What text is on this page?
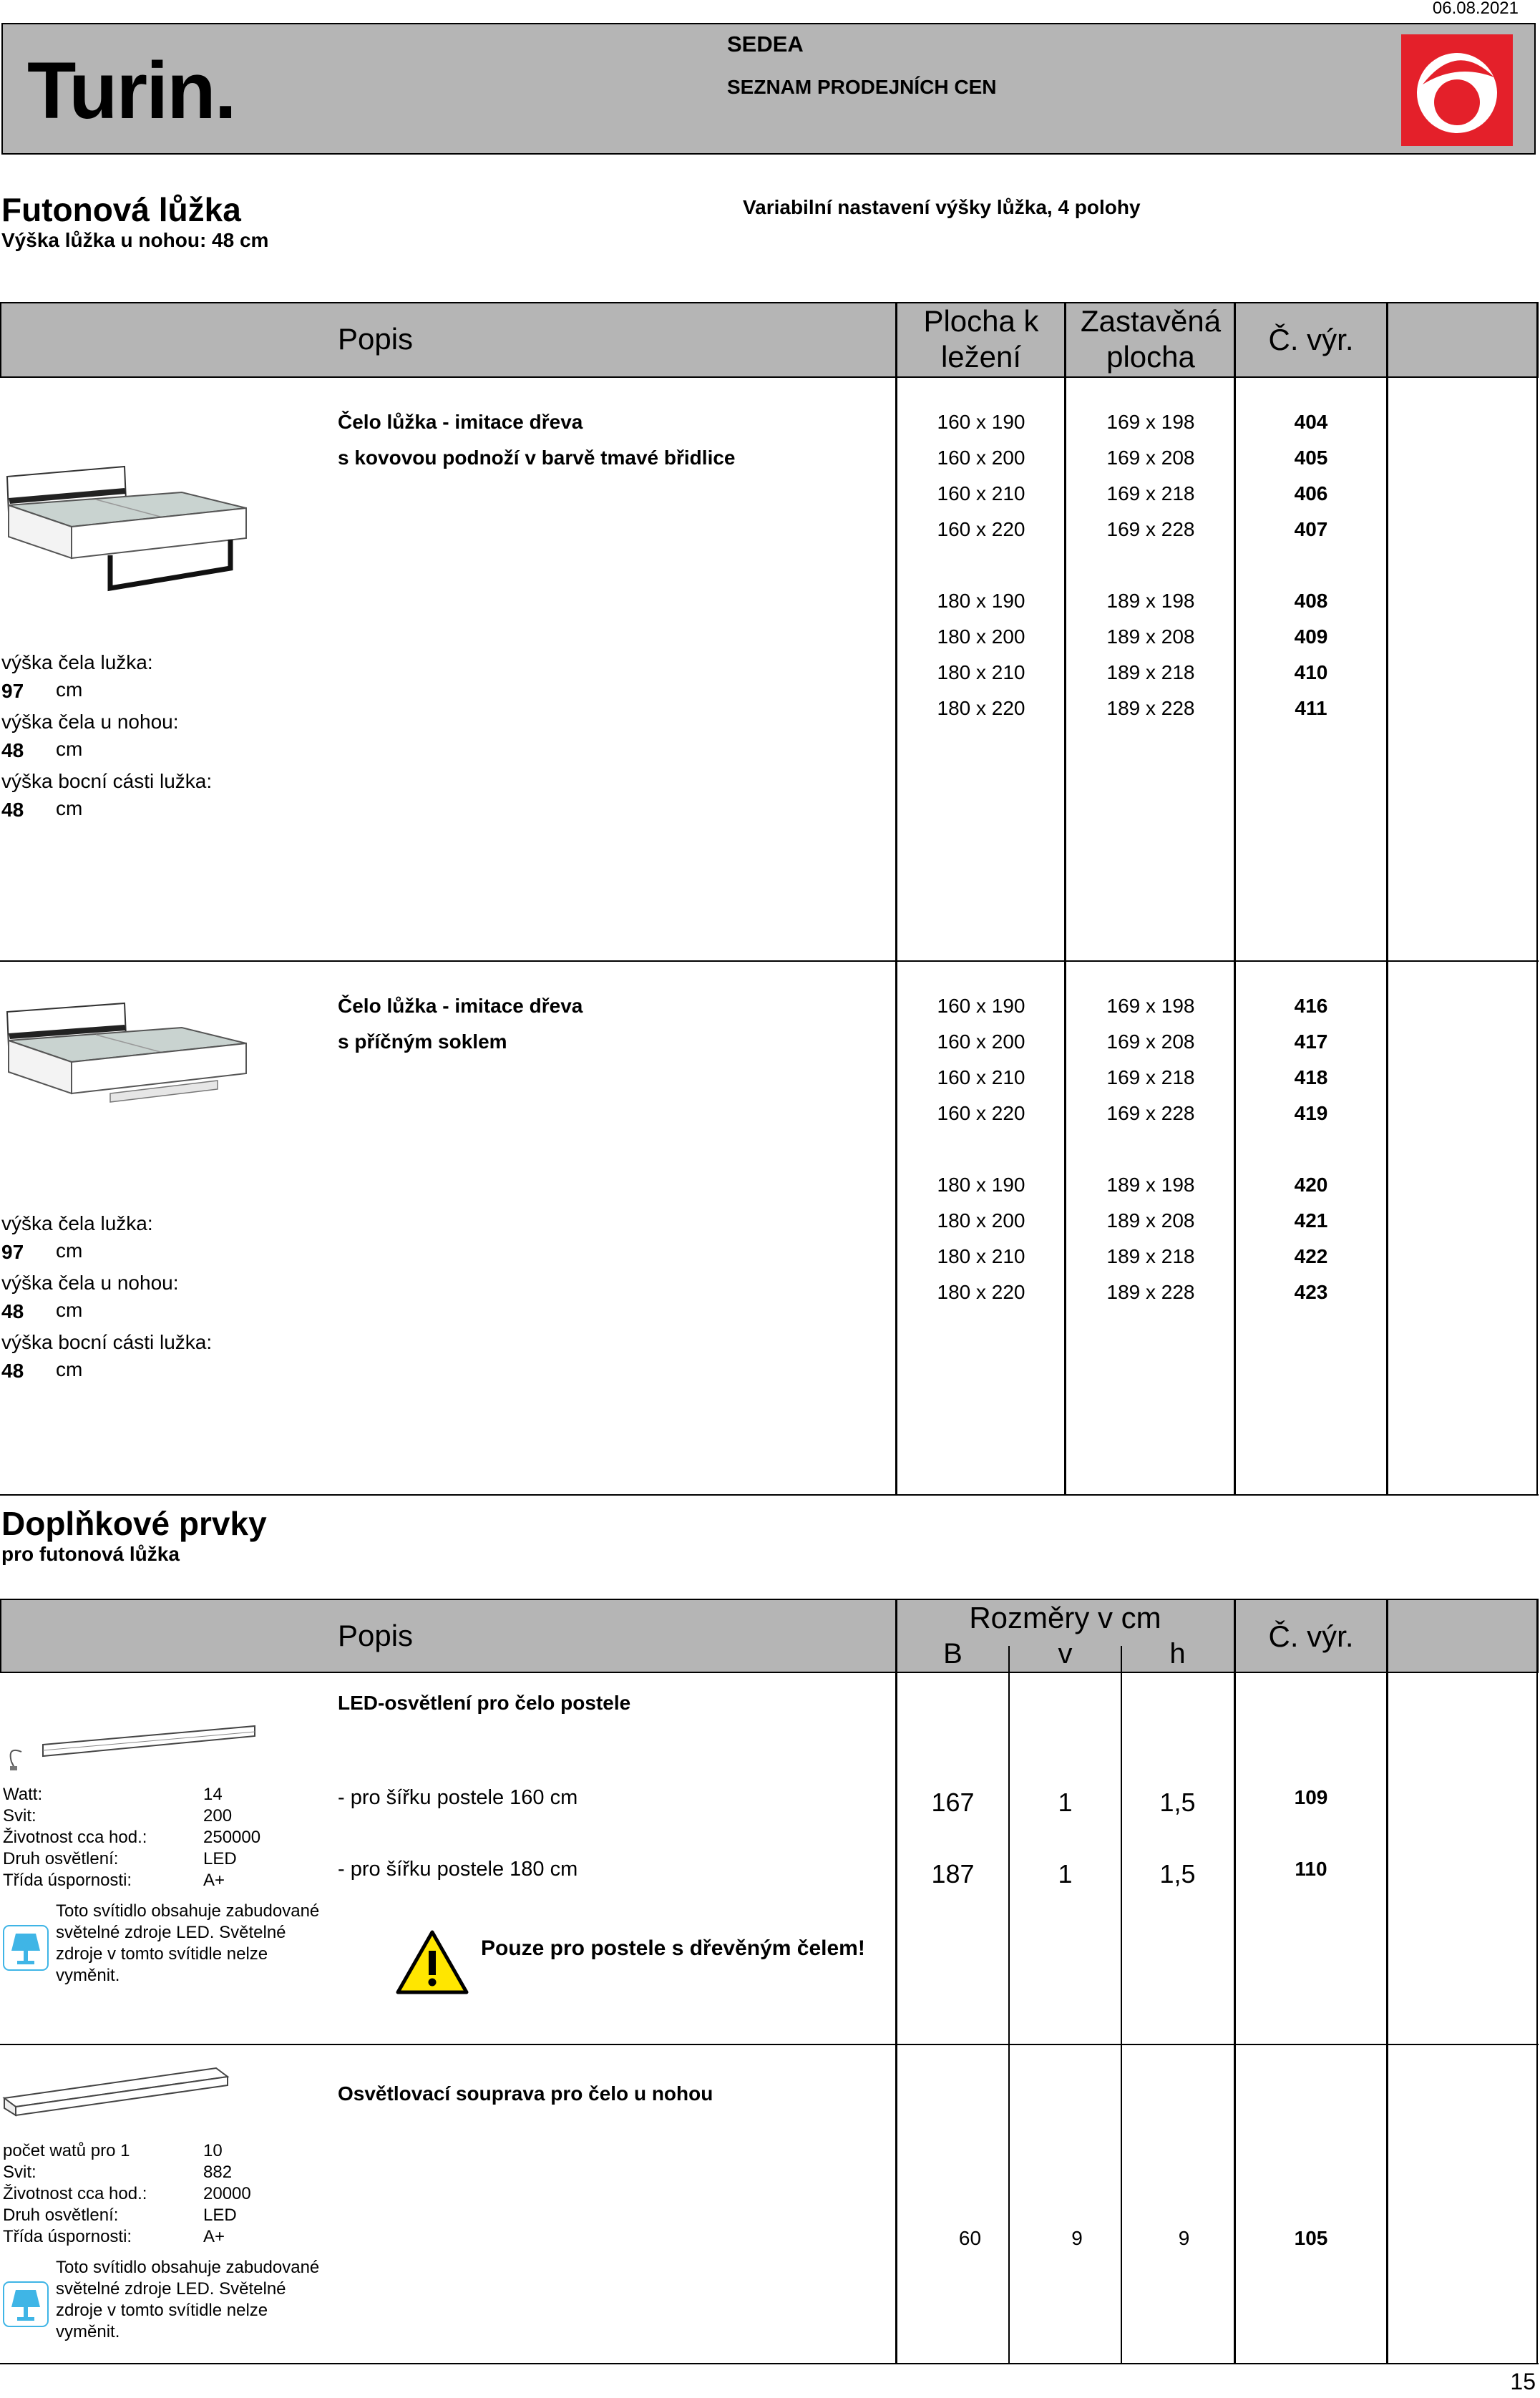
06.08.2021
Turin.
SEDEA
SEZNAM PRODEJNÍCH CEN
Futonová lůžka
Výška lůžka u nohou: 48 cm
Variabilní nastavení výšky lůžka, 4 polohy
Popis
Plocha k
ležení
Zastavěná
plocha
Č. výr.
Čelo lůžka - imitace dřeva
s kovovou podnoží v barvě tmavé břidlice
Čelo lůžka - imitace dřeva
s příčným soklem
160 x 190	169 x 198	404
160 x 200	169 x 208	405
160 x 210	169 x 218	406
160 x 220	169 x 228	407
180 x 190	189 x 198	408
180 x 200	189 x 208	409
180 x 210	189 x 218	410
180 x 220	189 x 228	411
160 x 190	169 x 198	416
160 x 200	169 x 208	417
160 x 210	169 x 218	418
160 x 220	169 x 228	419
180 x 190	189 x 198	420
180 x 200	189 x 208	421
180 x 210	189 x 218	422
180 x 220	189 x 228	423
výška čela lužka:
97 cm
výška čela u nohou:
48 cm
výška bocní cásti lužka:
48 cm
výška čela lužka:
97 cm
výška čela u nohou:
48 cm
výška bocní cásti lužka:
48 cm
Doplňkové prvky
pro futonová lůžka
Popis
Rozměry v cm
B	v	h
Č. výr.
LED-osvětlení pro čelo postele
Watt:	14
Svit:	200
Životnost cca hod.:	250000
Druh osvětlení:	LED
Třída úspornosti:	A+
Toto svítidlo obsahuje zabudované
světelné zdroje LED. Světelné
zdroje v tomto svítidle nelze
vyměnit.
- pro šířku postele 160 cm	167	1	1,5	109
- pro šířku postele 180 cm	187	1	1,5	110
Pouze pro postele s dřevěným čelem!
Osvětlovací souprava pro čelo u nohou
počet watů pro 1	10
Svit:	882
Životnost cca hod.:	20000
Druh osvětlení:	LED
Třída úspornosti:	A+
Toto svítidlo obsahuje zabudované
světelné zdroje LED. Světelné
zdroje v tomto svítidle nelze
vyměnit.
60	9	9	105
15
